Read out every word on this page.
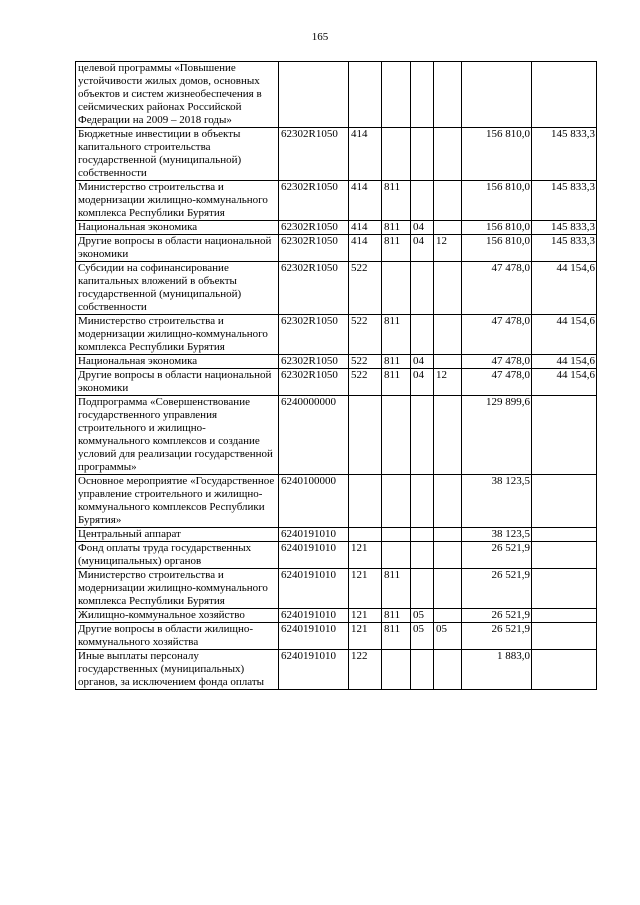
165
целевой программы «Повышение устойчивости жилых домов, основных объектов и систем жизнеобеспечения в сейсмических районах Российской Федерации на 2009 – 2018 годы»							
Бюджетные инвестиции в объекты капитального строительства государственной (муниципальной) собственности	62302R1050	414				156 810,0	145 833,3
Министерство строительства и модернизации жилищно-коммунального комплекса Республики Бурятия	62302R1050	414	811			156 810,0	145 833,3
Национальная экономика	62302R1050	414	811	04		156 810,0	145 833,3
Другие вопросы в области национальной экономики	62302R1050	414	811	04	12	156 810,0	145 833,3
Субсидии на софинансирование капитальных вложений в объекты государственной (муниципальной) собственности	62302R1050	522				47 478,0	44 154,6
Министерство строительства и модернизации жилищно-коммунального комплекса Республики Бурятия	62302R1050	522	811			47 478,0	44 154,6
Национальная экономика	62302R1050	522	811	04		47 478,0	44 154,6
Другие вопросы в области национальной экономики	62302R1050	522	811	04	12	47 478,0	44 154,6
Подпрограмма «Совершенствование государственного управления строительного и жилищно-коммунального комплексов и создание условий для реализации государственной программы»	6240000000					129 899,6	
Основное мероприятие «Государственное управление строительного и жилищно-коммунального комплексов Республики Бурятия»	6240100000					38 123,5	
Центральный аппарат	6240191010					38 123,5	
Фонд оплаты труда государственных (муниципальных) органов	6240191010	121				26 521,9	
Министерство строительства и модернизации жилищно-коммунального комплекса Республики Бурятия	6240191010	121	811			26 521,9	
Жилищно-коммунальное хозяйство	6240191010	121	811	05		26 521,9	
Другие вопросы в области жилищно-коммунального хозяйства	6240191010	121	811	05	05	26 521,9	
Иные выплаты персоналу государственных (муниципальных) органов, за исключением фонда оплаты	6240191010	122				1 883,0	
